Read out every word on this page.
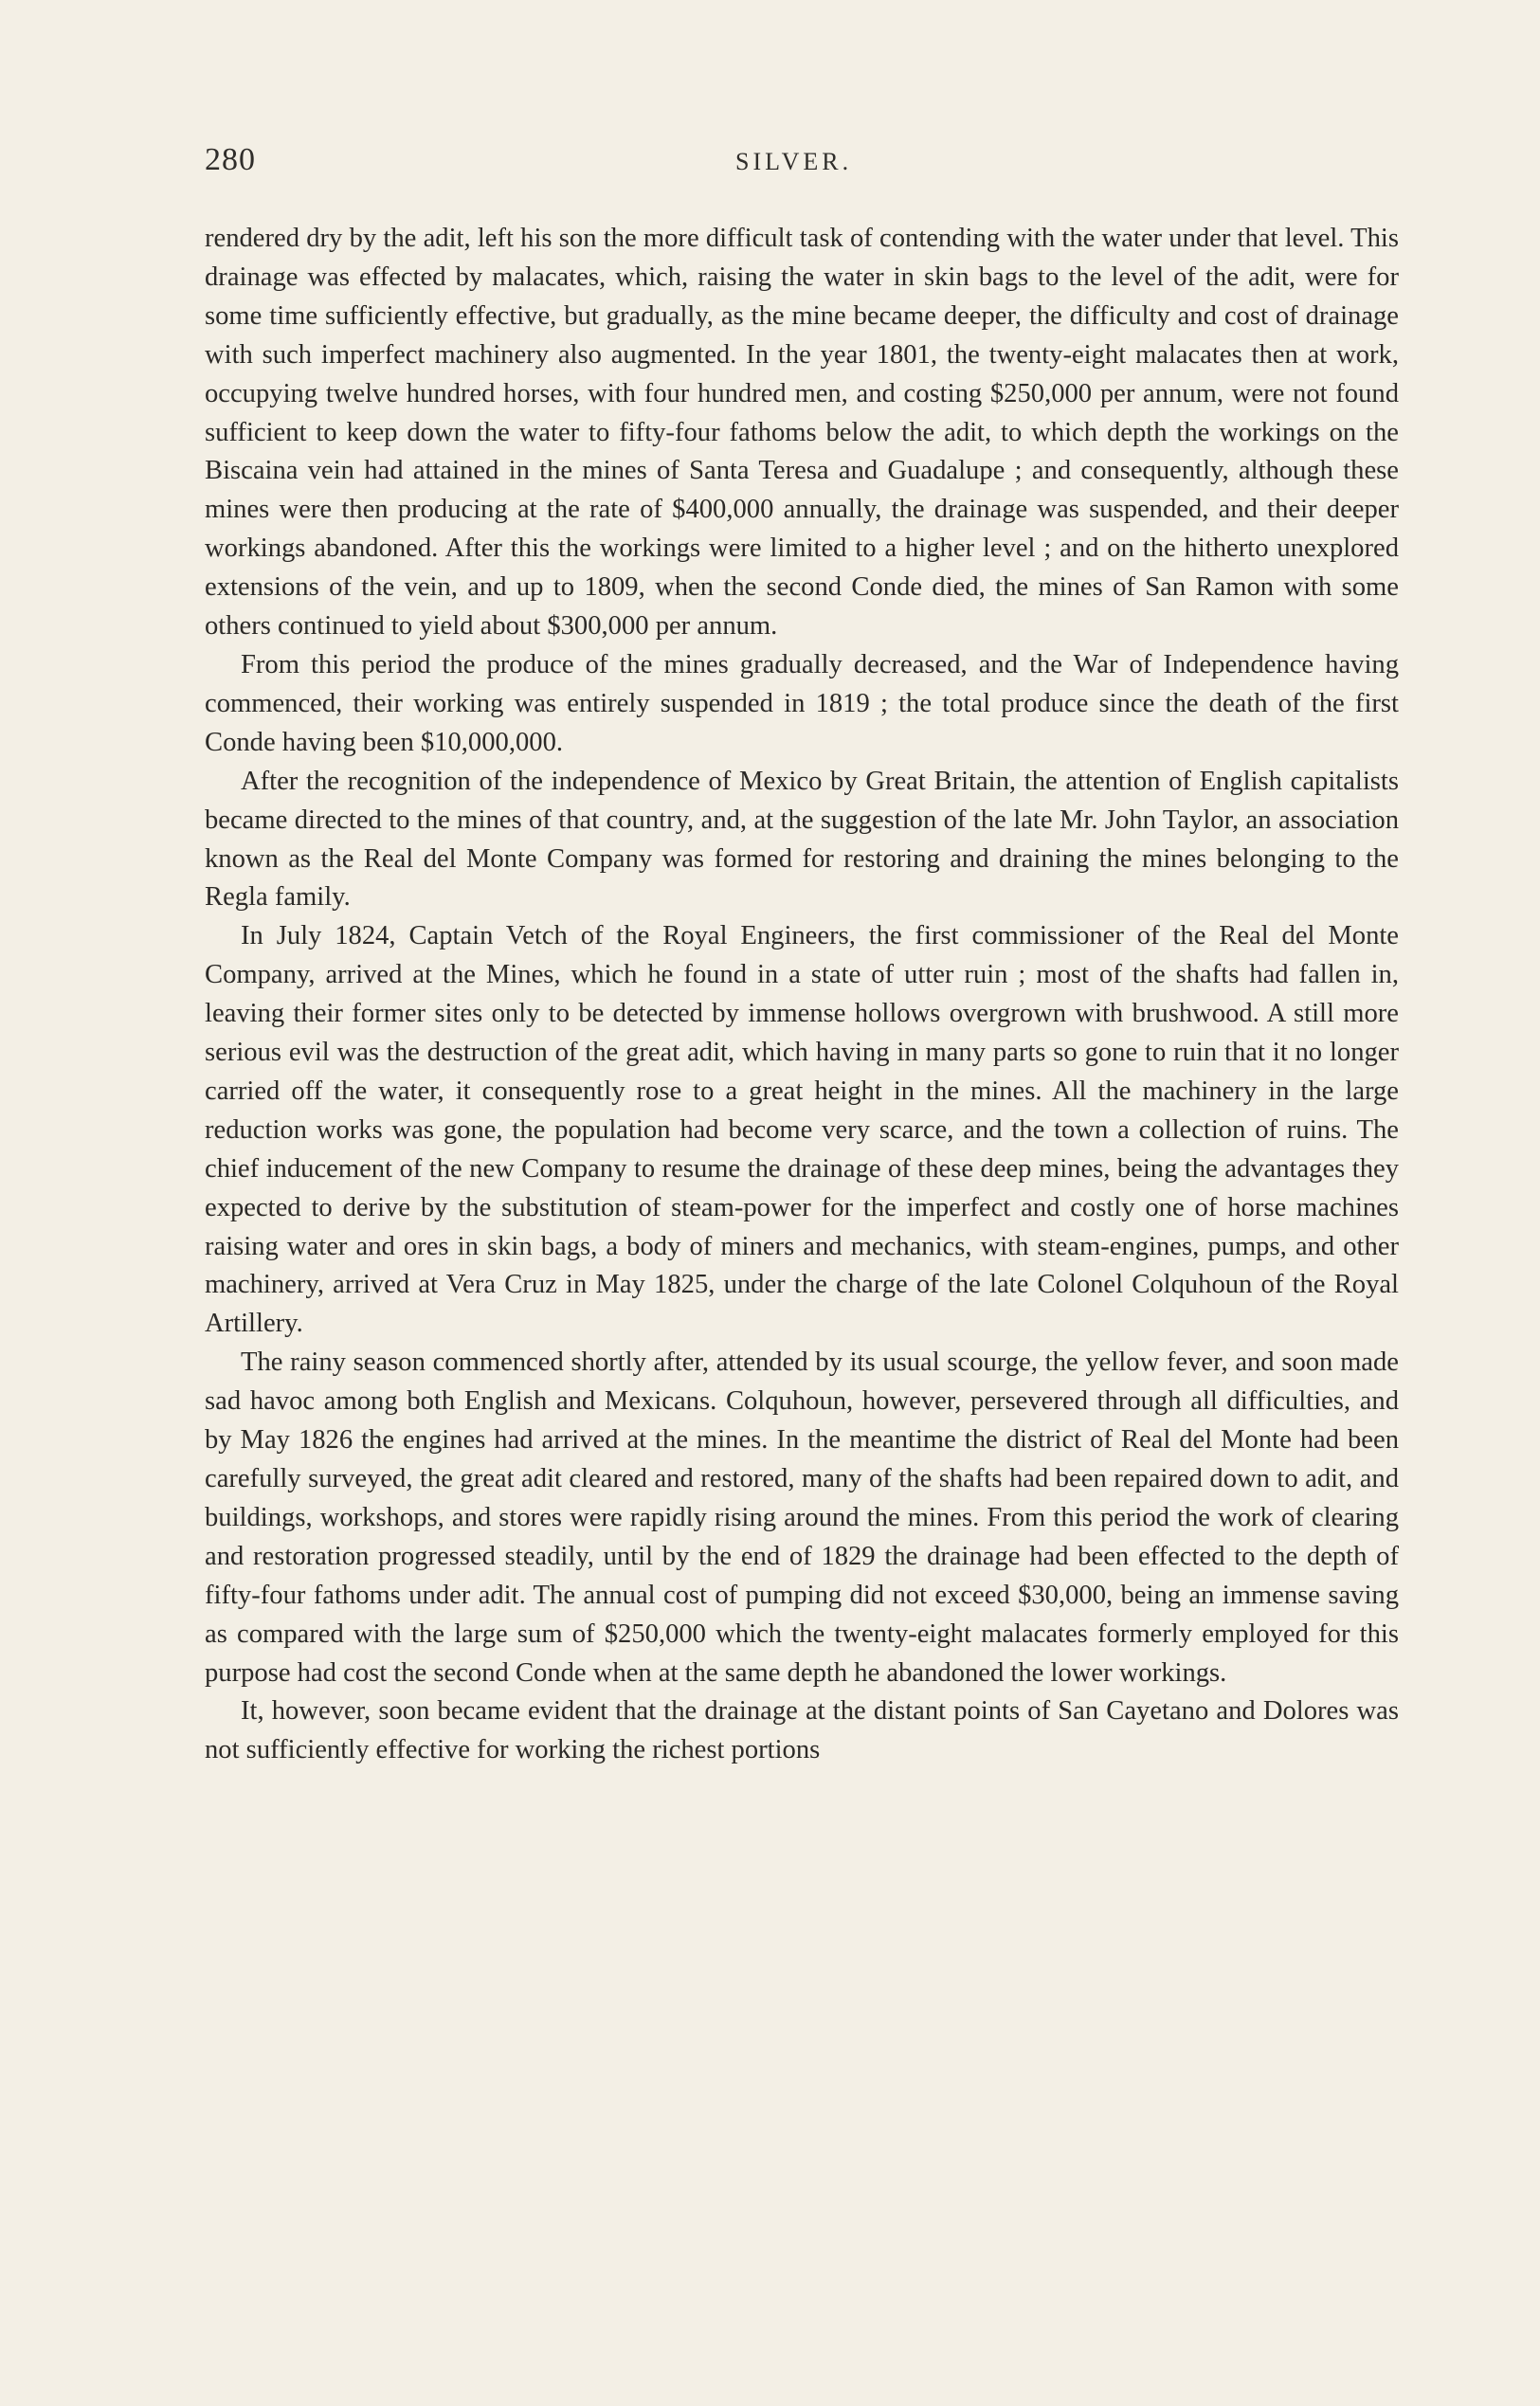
280	SILVER.

rendered dry by the adit, left his son the more difficult task of contending with the water under that level. This drainage was effected by malacates, which, raising the water in skin bags to the level of the adit, were for some time sufficiently effective, but gradually, as the mine became deeper, the difficulty and cost of drainage with such imperfect machinery also augmented. In the year 1801, the twenty-eight malacates then at work, occupying twelve hundred horses, with four hundred men, and costing $250,000 per annum, were not found sufficient to keep down the water to fifty-four fathoms below the adit, to which depth the workings on the Biscaina vein had attained in the mines of Santa Teresa and Guadalupe ; and consequently, although these mines were then producing at the rate of $400,000 annually, the drainage was suspended, and their deeper workings abandoned. After this the workings were limited to a higher level ; and on the hitherto unexplored extensions of the vein, and up to 1809, when the second Conde died, the mines of San Ramon with some others continued to yield about $300,000 per annum.

From this period the produce of the mines gradually decreased, and the War of Independence having commenced, their working was entirely suspended in 1819 ; the total produce since the death of the first Conde having been $10,000,000.

After the recognition of the independence of Mexico by Great Britain, the attention of English capitalists became directed to the mines of that country, and, at the suggestion of the late Mr. John Taylor, an association known as the Real del Monte Company was formed for restoring and draining the mines belonging to the Regla family.

In July 1824, Captain Vetch of the Royal Engineers, the first commissioner of the Real del Monte Company, arrived at the Mines, which he found in a state of utter ruin ; most of the shafts had fallen in, leaving their former sites only to be detected by immense hollows overgrown with brushwood. A still more serious evil was the destruction of the great adit, which having in many parts so gone to ruin that it no longer carried off the water, it consequently rose to a great height in the mines. All the machinery in the large reduction works was gone, the population had become very scarce, and the town a collection of ruins. The chief inducement of the new Company to resume the drainage of these deep mines, being the advantages they expected to derive by the substitution of steam-power for the imperfect and costly one of horse machines raising water and ores in skin bags, a body of miners and mechanics, with steam-engines, pumps, and other machinery, arrived at Vera Cruz in May 1825, under the charge of the late Colonel Colquhoun of the Royal Artillery.

The rainy season commenced shortly after, attended by its usual scourge, the yellow fever, and soon made sad havoc among both English and Mexicans. Colquhoun, however, persevered through all difficulties, and by May 1826 the engines had arrived at the mines. In the meantime the district of Real del Monte had been carefully surveyed, the great adit cleared and restored, many of the shafts had been repaired down to adit, and buildings, workshops, and stores were rapidly rising around the mines. From this period the work of clearing and restoration progressed steadily, until by the end of 1829 the drainage had been effected to the depth of fifty-four fathoms under adit. The annual cost of pumping did not exceed $30,000, being an immense saving as compared with the large sum of $250,000 which the twenty-eight malacates formerly employed for this purpose had cost the second Conde when at the same depth he abandoned the lower workings.

It, however, soon became evident that the drainage at the distant points of San Cayetano and Dolores was not sufficiently effective for working the richest portions
